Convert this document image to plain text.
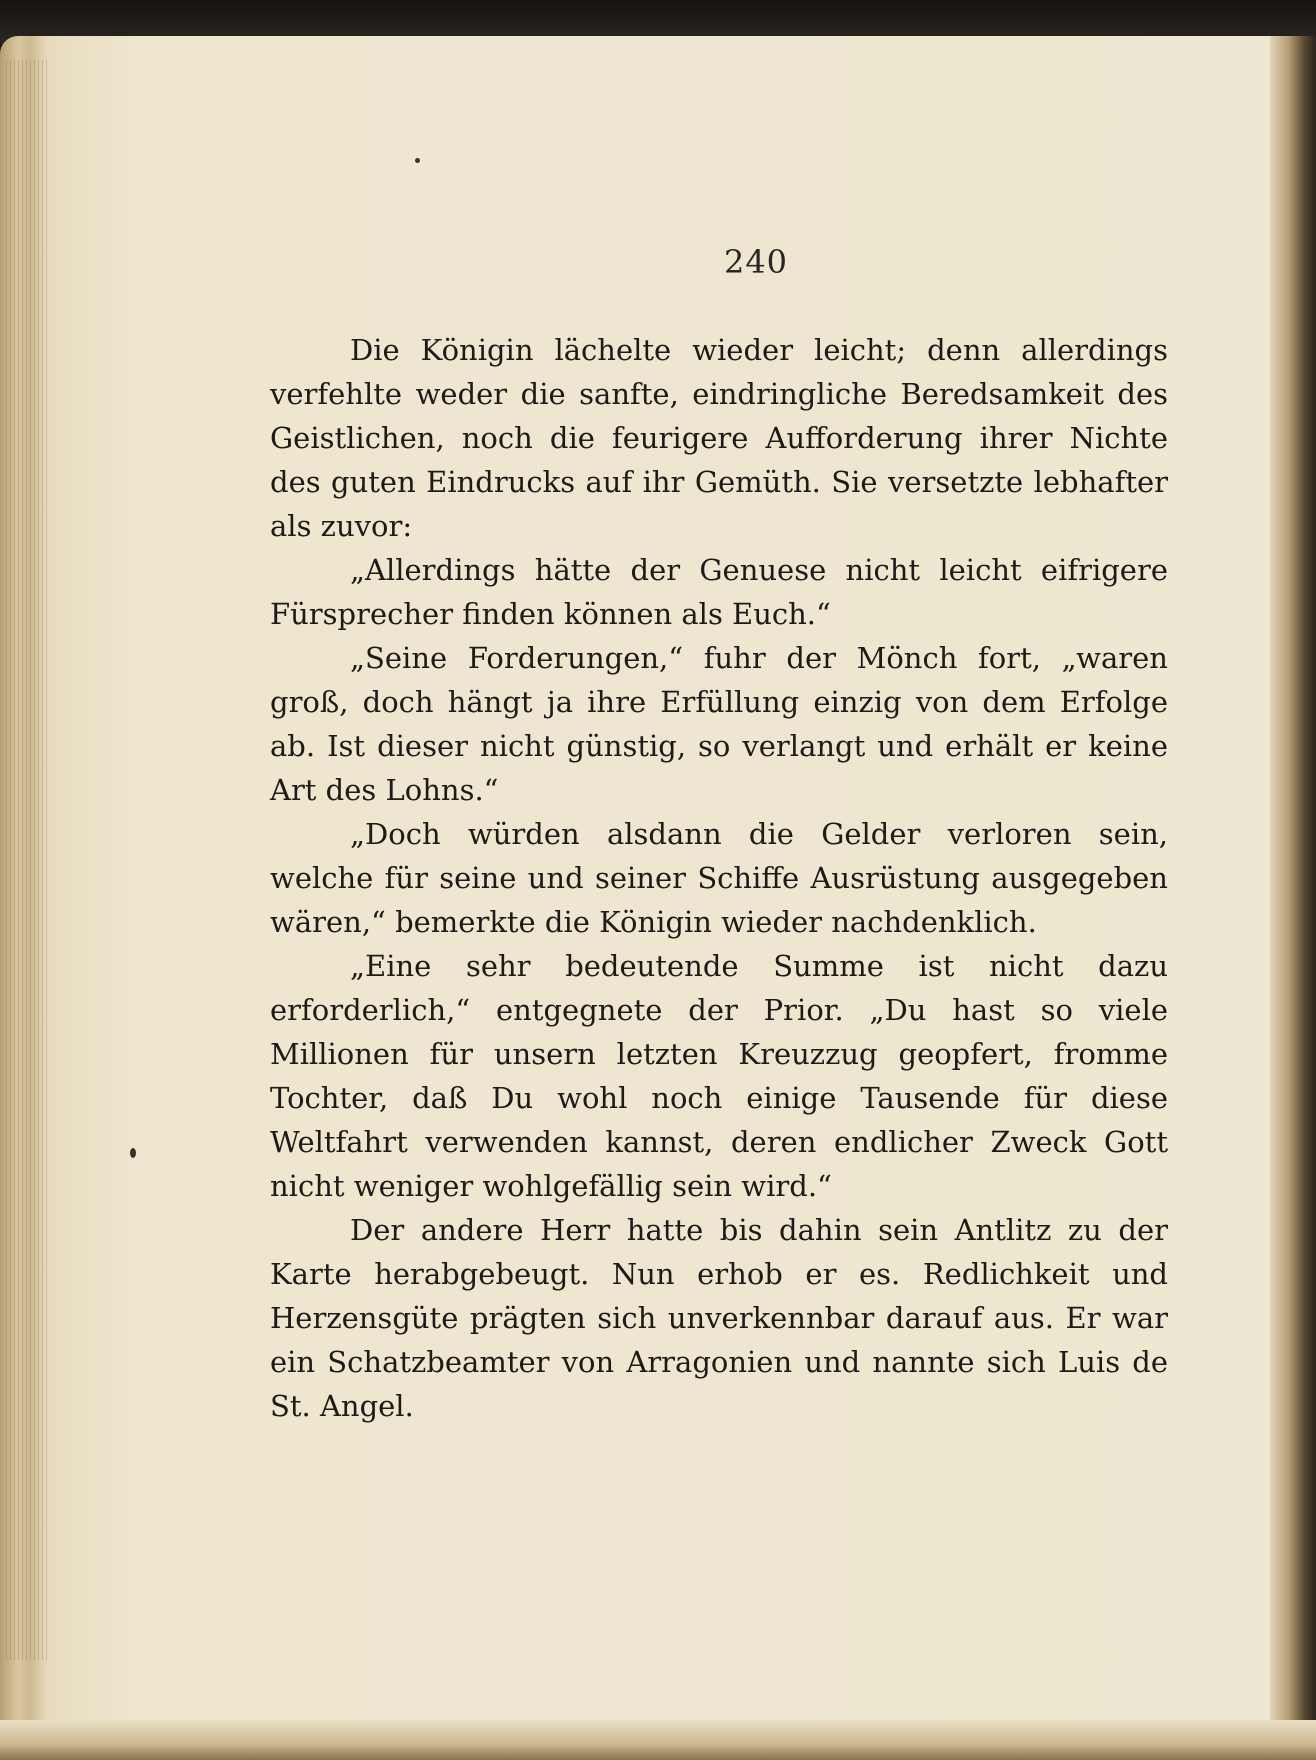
240

Die Königin lächelte wieder leicht; denn allerdings verfehlte weder die sanfte, eindringliche Beredsamkeit des Geistlichen, noch die feurigere Aufforderung ihrer Nichte des guten Eindrucks auf ihr Gemüth. Sie versetzte lebhafter als zuvor:

„Allerdings hätte der Genuese nicht leicht eifrigere Fürsprecher finden können als Euch.“

„Seine Forderungen,“ fuhr der Mönch fort, „waren groß, doch hängt ja ihre Erfüllung einzig von dem Erfolge ab. Ist dieser nicht günstig, so verlangt und erhält er keine Art des Lohns.“

„Doch würden alsdann die Gelder verloren sein, welche für seine und seiner Schiffe Ausrüstung ausgegeben wären,“ bemerkte die Königin wieder nachdenklich.

„Eine sehr bedeutende Summe ist nicht dazu erforderlich,“ entgegnete der Prior. „Du hast so viele Millionen für unsern letzten Kreuzzug geopfert, fromme Tochter, daß Du wohl noch einige Tausende für diese Weltfahrt verwenden kannst, deren endlicher Zweck Gott nicht weniger wohlgefällig sein wird.“

Der andere Herr hatte bis dahin sein Antlitz zu der Karte herabgebeugt. Nun erhob er es. Redlichkeit und Herzensgüte prägten sich unverkennbar darauf aus. Er war ein Schatzbeamter von Arragonien und nannte sich Luis de St. Angel.
